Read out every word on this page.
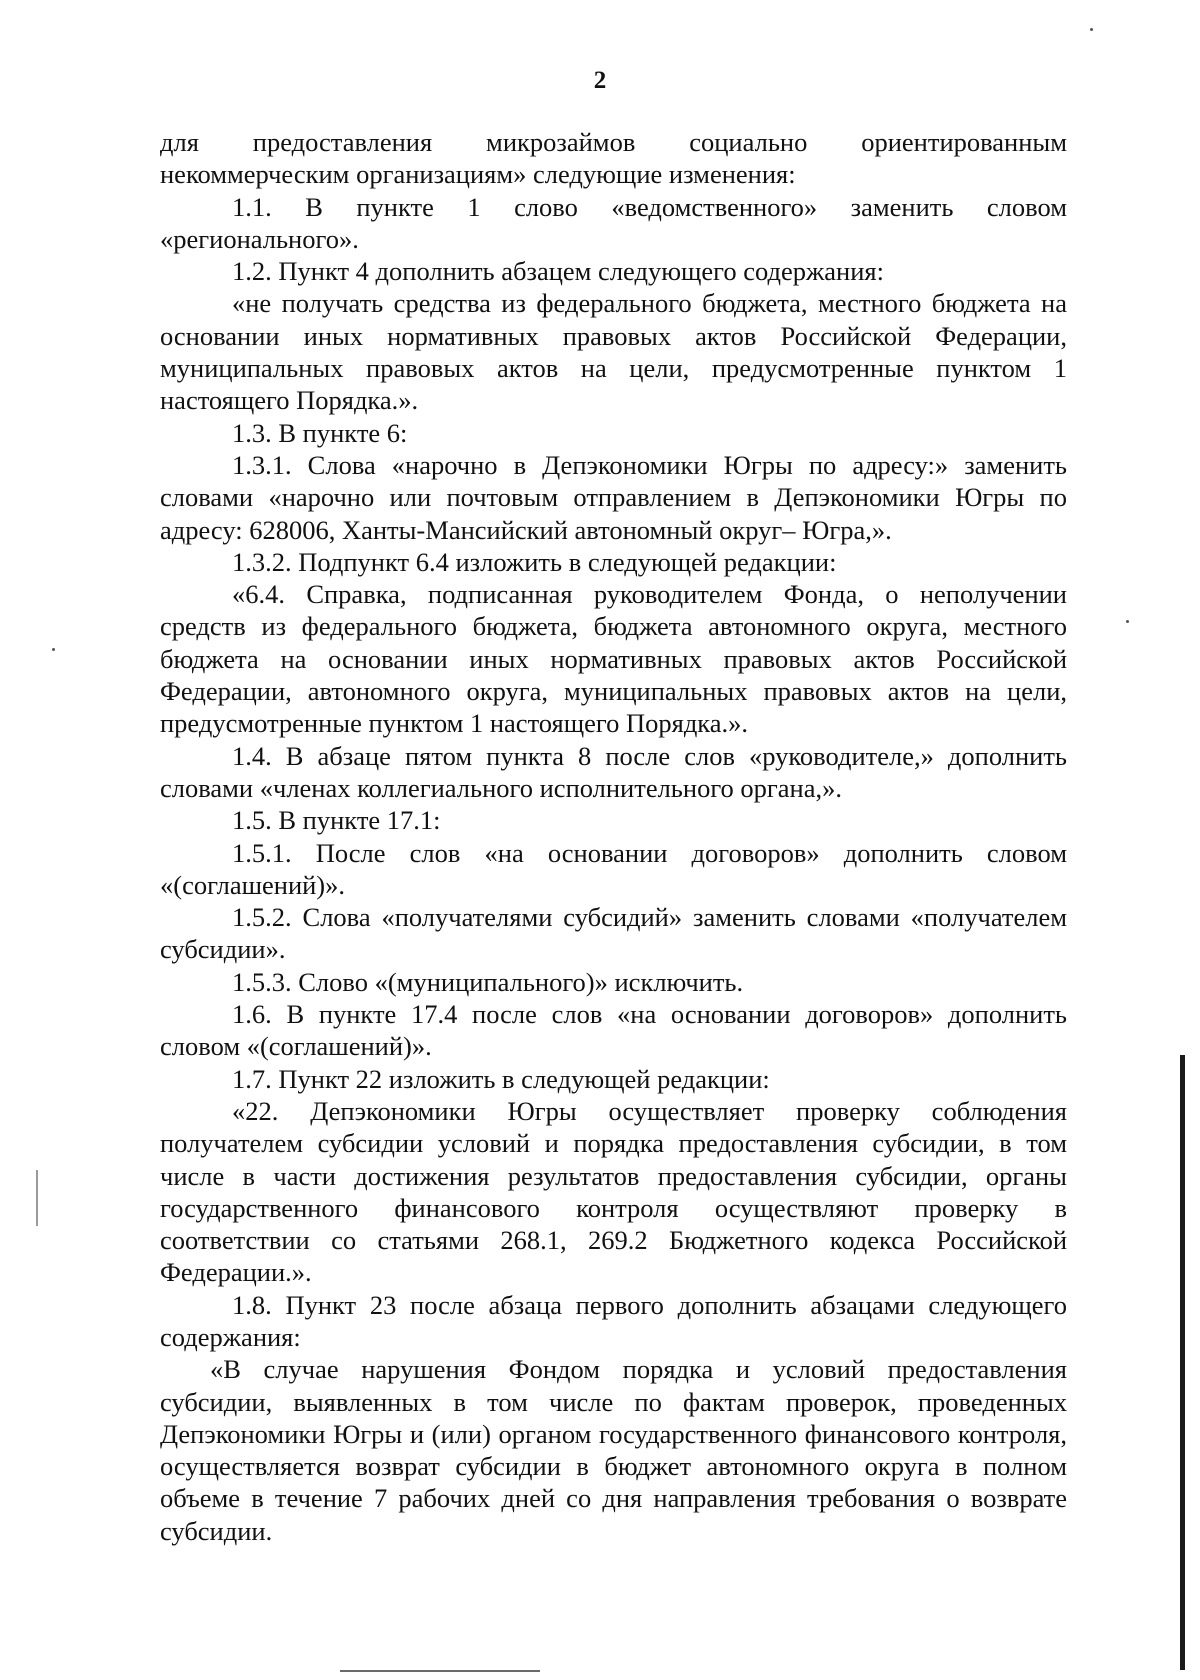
2

для предоставления микрозаймов социально ориентированным некоммерческим организациям» следующие изменения:

1.1. В пункте 1 слово «ведомственного» заменить словом «регионального».

1.2. Пункт 4 дополнить абзацем следующего содержания:

«не получать средства из федерального бюджета, местного бюджета на основании иных нормативных правовых актов Российской Федерации, муниципальных правовых актов на цели, предусмотренные пунктом 1 настоящего Порядка.».

1.3. В пункте 6:

1.3.1. Слова «нарочно в Депэкономики Югры по адресу:» заменить словами «нарочно или почтовым отправлением в Депэкономики Югры по адресу: 628006, Ханты-Мансийский автономный округ– Югра,».

1.3.2. Подпункт 6.4 изложить в следующей редакции:

«6.4. Справка, подписанная руководителем Фонда, о неполучении средств из федерального бюджета, бюджета автономного округа, местного бюджета на основании иных нормативных правовых актов Российской Федерации, автономного округа, муниципальных правовых актов на цели, предусмотренные пунктом 1 настоящего Порядка.».

1.4. В абзаце пятом пункта 8 после слов «руководителе,» дополнить словами «членах коллегиального исполнительного органа,».

1.5. В пункте 17.1:

1.5.1. После слов «на основании договоров» дополнить словом «(соглашений)».

1.5.2. Слова «получателями субсидий» заменить словами «получателем субсидии».

1.5.3. Слово «(муниципального)» исключить.

1.6. В пункте 17.4 после слов «на основании договоров» дополнить словом «(соглашений)».

1.7. Пункт 22 изложить в следующей редакции:

«22. Депэкономики Югры осуществляет проверку соблюдения получателем субсидии условий и порядка предоставления субсидии, в том числе в части достижения результатов предоставления субсидии, органы государственного финансового контроля осуществляют проверку в соответствии со статьями 268.1, 269.2 Бюджетного кодекса Российской Федерации.».

1.8. Пункт 23 после абзаца первого дополнить абзацами следующего содержания:

«В случае нарушения Фондом порядка и условий предоставления субсидии, выявленных в том числе по фактам проверок, проведенных Депэкономики Югры и (или) органом государственного финансового контроля, осуществляется возврат субсидии в бюджет автономного округа в полном объеме в течение 7 рабочих дней со дня направления требования о возврате субсидии.
